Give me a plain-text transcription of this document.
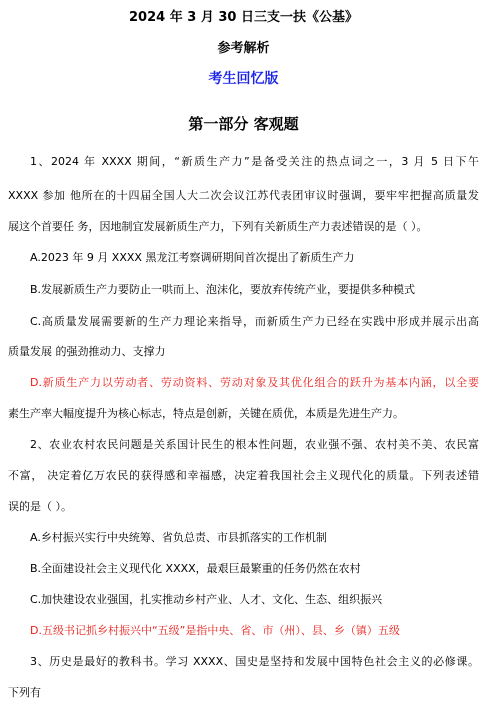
2024 年 3 月 30 日三支一扶《公基》
参考解析
考生回忆版
第一部分 客观题
1、2024 年 XXXX 期间，“新质生产力”是备受关注的热点词之一，3 月 5 日下午
XXXX 参加 他所在的十四届全国人大二次会议江苏代表团审议时强调，要牢牢把握高质量发
展这个首要任 务，因地制宜发展新质生产力，下列有关新质生产力表述错误的是（ ）。
A.2023 年 9 月 XXXX 黑龙江考察调研期间首次提出了新质生产力
B.发展新质生产力要防止一哄而上、泡沫化，要放弃传统产业，要提供多种模式
C.高质量发展需要新的生产力理论来指导，而新质生产力已经在实践中形成并展示出高
质量发展 的强劲推动力、支撑力
D.新质生产力以劳动者、劳动资料、劳动对象及其优化组合的跃升为基本内涵，以全要
素生产率大幅度提升为核心标志，特点是创新，关键在质优，本质是先进生产力。
2、农业农村农民问题是关系国计民生的根本性问题，农业强不强、农村美不美、农民富
不富， 决定着亿万农民的获得感和幸福感，决定着我国社会主义现代化的质量。下列表述错
误的是（ ）。
A.乡村振兴实行中央统筹、省负总责、市县抓落实的工作机制
B.全面建设社会主义现代化 XXXX，最艰巨最繁重的任务仍然在农村
C.加快建设农业强国，扎实推动乡村产业、人才、文化、生态、组织振兴
D.五级书记抓乡村振兴中“五级”是指中央、省、市（州）、县、乡（镇）五级
3、历史是最好的教科书。学习 XXXX、国史是坚持和发展中国特色社会主义的必修课。
下列有
